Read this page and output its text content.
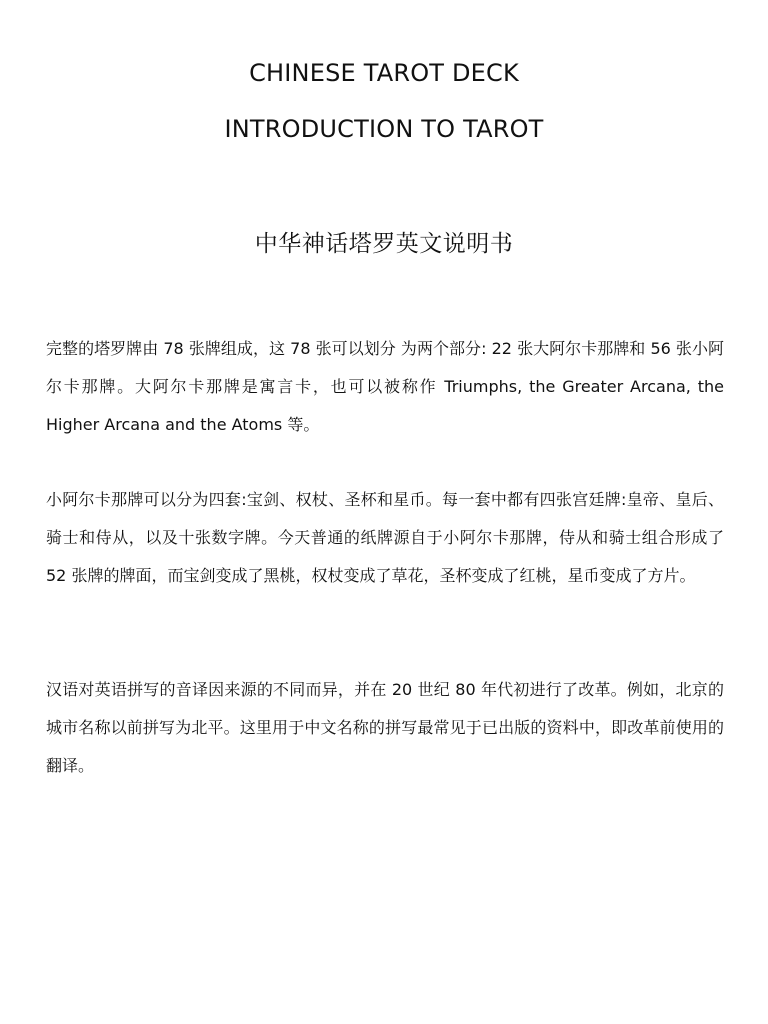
CHINESE TAROT DECK
INTRODUCTION TO TAROT
中华神话塔罗英文说明书

完整的塔罗牌由 78 张牌组成，这 78 张可以划分 为两个部分: 22 张大阿尔卡那牌和 56 张小阿尔卡那牌。大阿尔卡那牌是寓言卡，也可以被称作 Triumphs, the Greater Arcana, the Higher Arcana and the Atoms 等。

小阿尔卡那牌可以分为四套:宝剑、权杖、圣杯和星币。每一套中都有四张宫廷牌:皇帝、皇后、骑士和侍从，以及十张数字牌。今天普通的纸牌源自于小阿尔卡那牌，侍从和骑士组合形成了 52 张牌的牌面，而宝剑变成了黑桃，权杖变成了草花，圣杯变成了红桃，星币变成了方片。

汉语对英语拼写的音译因来源的不同而异，并在 20 世纪 80 年代初进行了改革。例如，北京的城市名称以前拼写为北平。这里用于中文名称的拼写最常见于已出版的资料中，即改革前使用的翻译。
